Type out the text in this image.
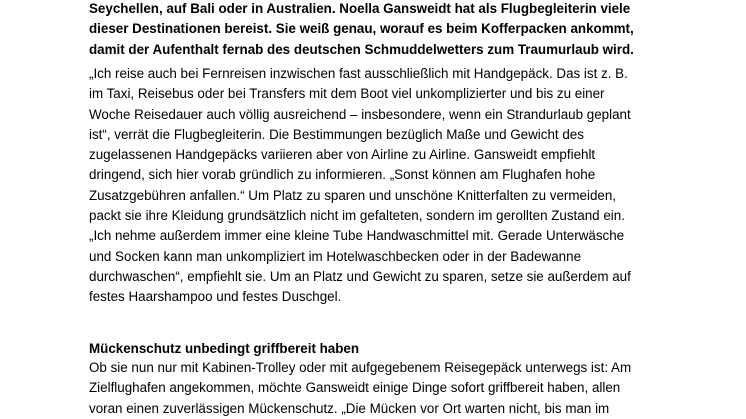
Seychellen, auf Bali oder in Australien. Noella Gansweidt hat als Flugbegleiterin viele
dieser Destinationen bereist. Sie weiß genau, worauf es beim Kofferpacken ankommt,
damit der Aufenthalt fernab des deutschen Schmuddelwetters zum Traumurlaub wird.
„Ich reise auch bei Fernreisen inzwischen fast ausschließlich mit Handgepäck. Das ist z. B.
im Taxi, Reisebus oder bei Transfers mit dem Boot viel unkomplizierter und bis zu einer
Woche Reisedauer auch völlig ausreichend – insbesondere, wenn ein Strandurlaub geplant
ist“, verrät die Flugbegleiterin. Die Bestimmungen bezüglich Maße und Gewicht des
zugelassenen Handgepäcks variieren aber von Airline zu Airline. Gansweidt empfiehlt
dringend, sich hier vorab gründlich zu informieren. „Sonst können am Flughafen hohe
Zusatzgebühren anfallen.“ Um Platz zu sparen und unschöne Knitterfalten zu vermeiden,
packt sie ihre Kleidung grundsätzlich nicht im gefalteten, sondern im gerollten Zustand ein.
„Ich nehme außerdem immer eine kleine Tube Handwaschmittel mit. Gerade Unterwäsche
und Socken kann man unkompliziert im Hotelwaschbecken oder in der Badewanne
durchwaschen“, empfiehlt sie. Um an Platz und Gewicht zu sparen, setze sie außerdem auf
festes Haarshampoo und festes Duschgel.
Mückenschutz unbedingt griffbereit haben
Ob sie nun nur mit Kabinen-Trolley oder mit aufgegebenem Reisegepäck unterwegs ist: Am
Zielflughafen angekommen, möchte Gansweidt einige Dinge sofort griffbereit haben, allen
voran einen zuverlässigen Mückenschutz. „Die Mücken vor Ort warten nicht, bis man im
